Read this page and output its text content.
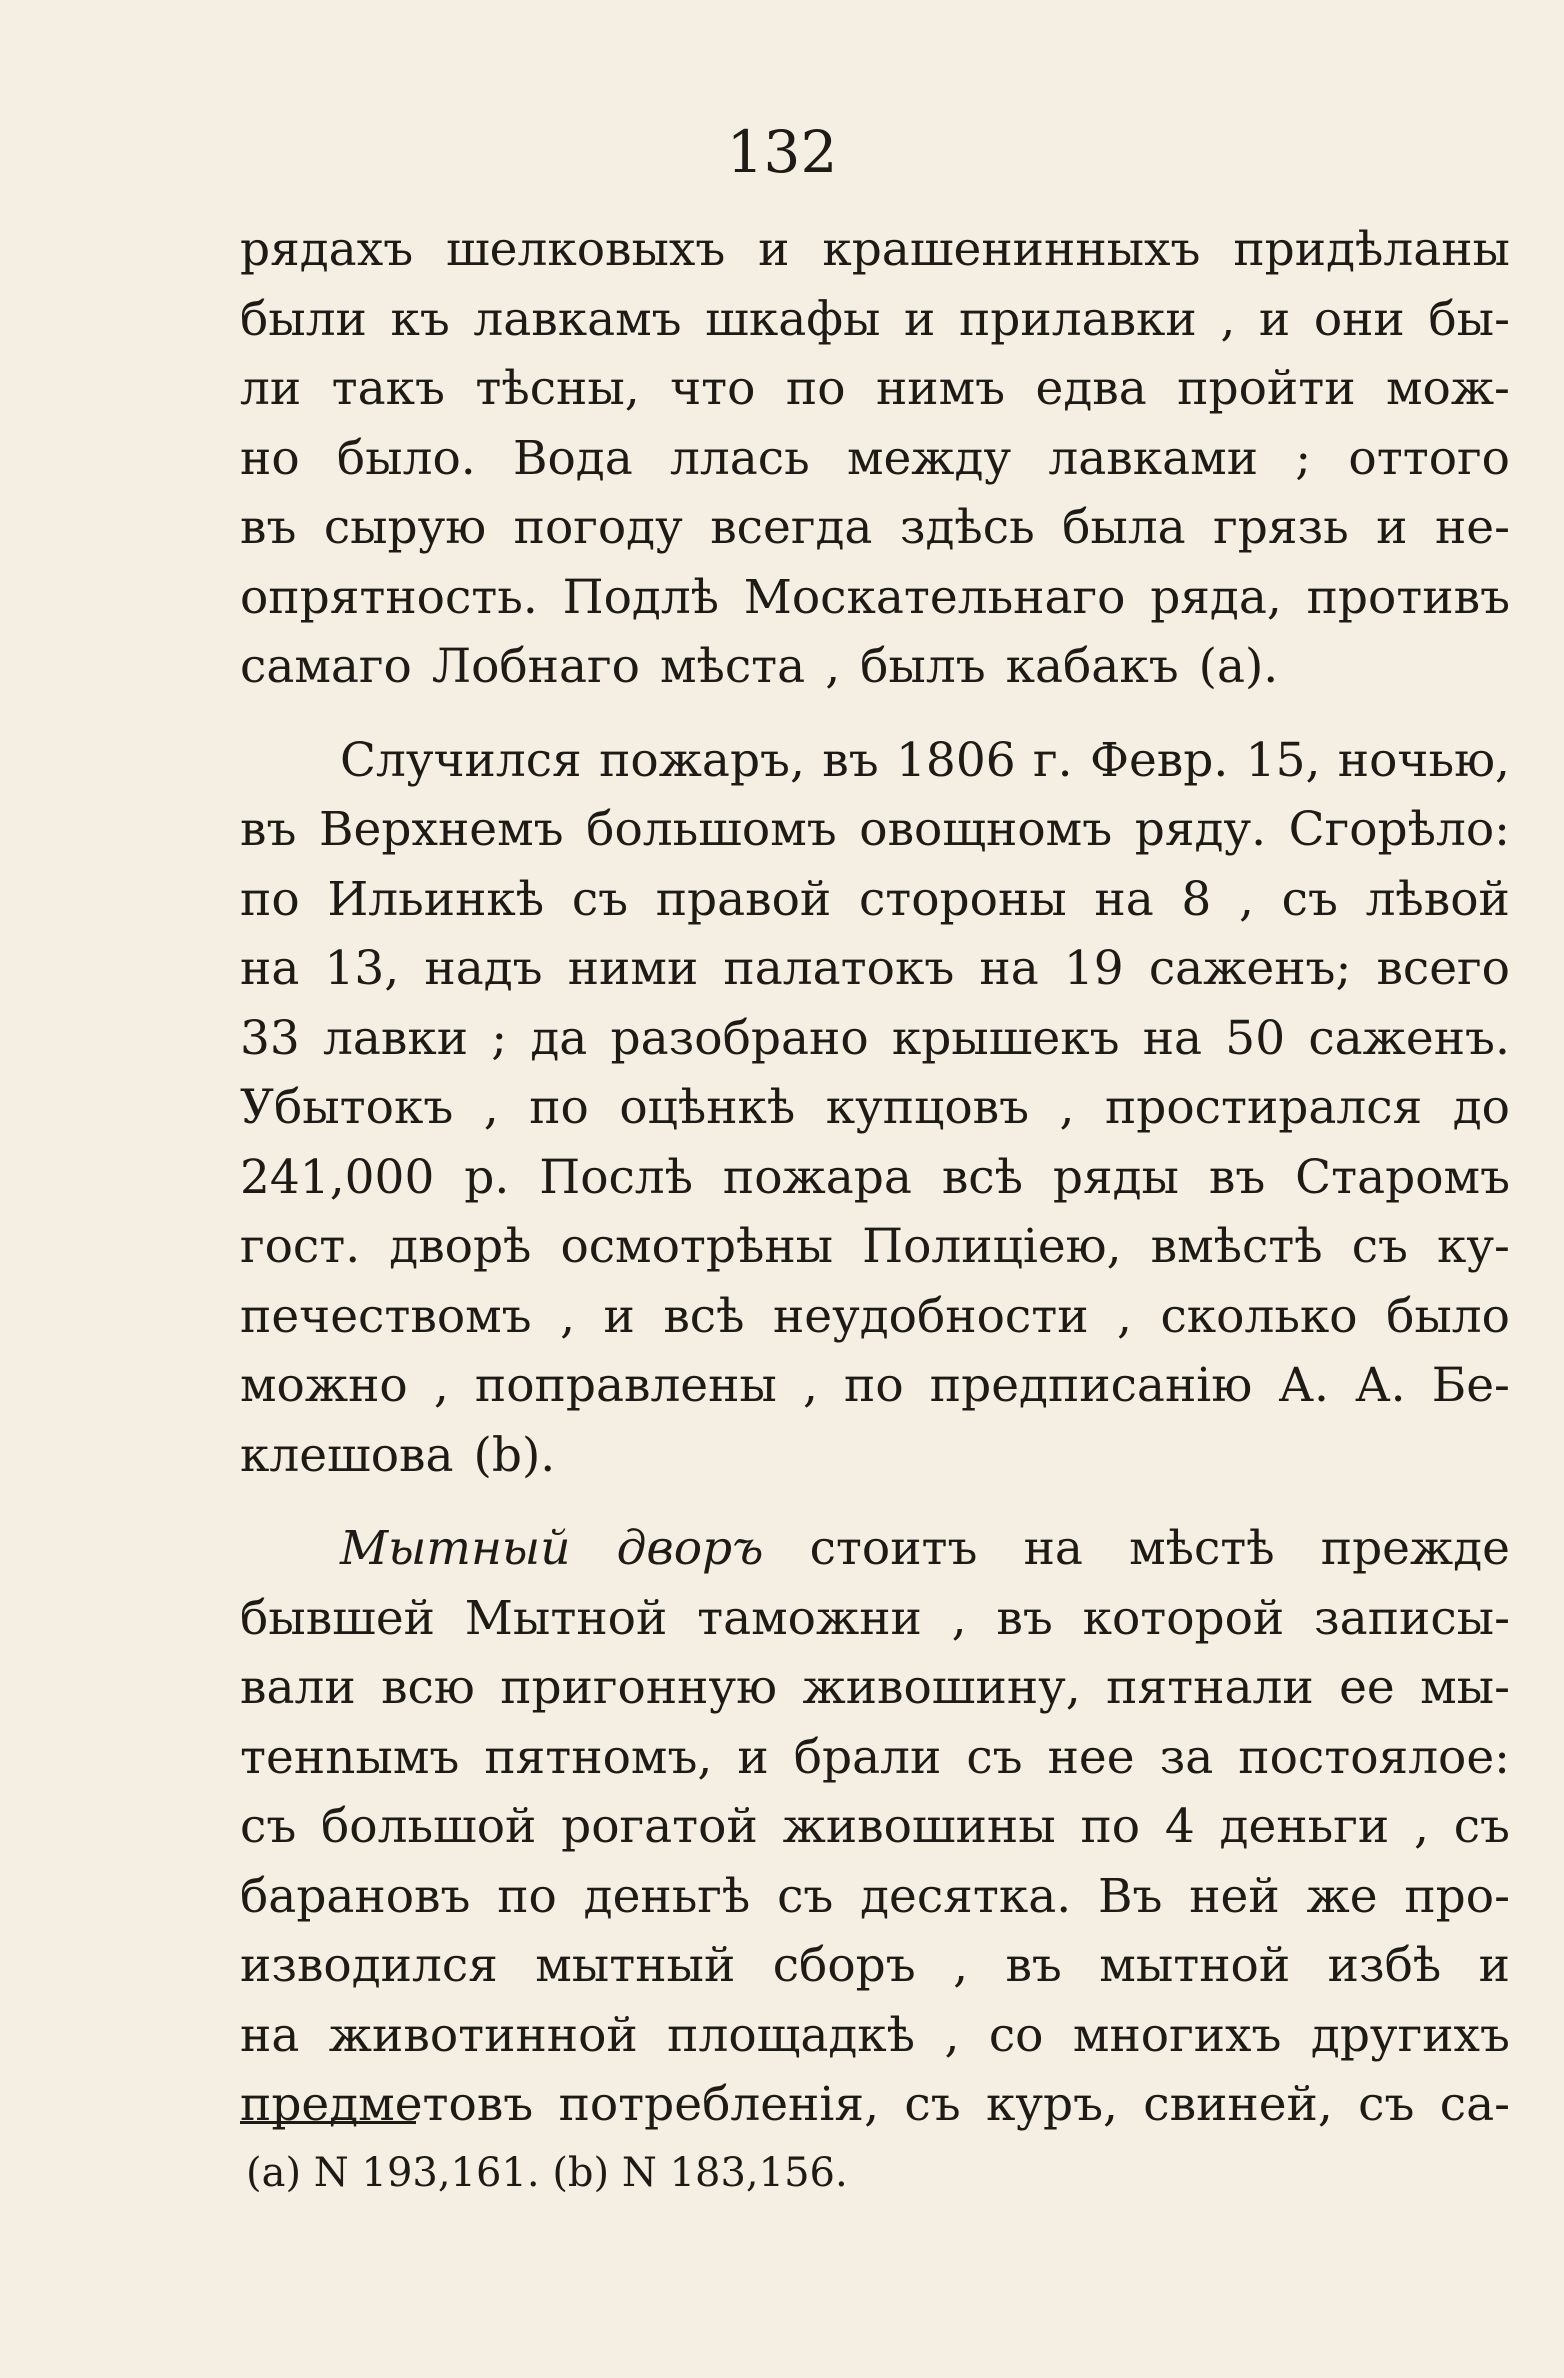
132
рядахъ шелковыхъ и крашенинныхъ придѣланы
были къ лавкамъ шкафы и прилавки , и они бы-
ли такъ тѣсны, что по нимъ едва пройти мож-
но было. Вода ллась между лавками ; оттого
въ сырую погоду всегда здѣсь была грязь и не-
опрятность. Подлѣ Москательнаго ряда, противъ
самаго Лобнаго мѣста , былъ кабакъ (а).
Случился пожаръ, въ 1806 г. Февр. 15, ночью,
въ Верхнемъ большомъ овощномъ ряду. Сгорѣло:
по Ильинкѣ съ правой стороны на 8 , съ лѣвой
на 13, надъ ними палатокъ на 19 саженъ; всего
33 лавки ; да разобрано крышекъ на 50 саженъ.
Убытокъ , по оцѣнкѣ купцовъ , простирался до
241,000 р. Послѣ пожара всѣ ряды въ Старомъ
гост. дворѣ осмотрѣны Полиціею, вмѣстѣ съ ку-
печествомъ , и всѣ неудобности , сколько было
можно , поправлены , по предписанію А. А. Бе-
клешова (b).
Мытный дворъ стоитъ на мѣстѣ прежде
бывшей Мытной таможни , въ которой записы-
вали всю пригонную живошину, пятнали ее мы-
тенnымъ пятномъ, и брали съ нее за постоялое:
съ большой рогатой живошины по 4 деньги , съ
барановъ по деньгѣ съ десятка. Въ ней же про-
изводился мытный сборъ , въ мытной избѣ и
на животинной площадкѣ , со многихъ другихъ
предметовъ потребленія, съ куръ, свиней, съ са-
(a) N 193,161. (b) N 183,156.
